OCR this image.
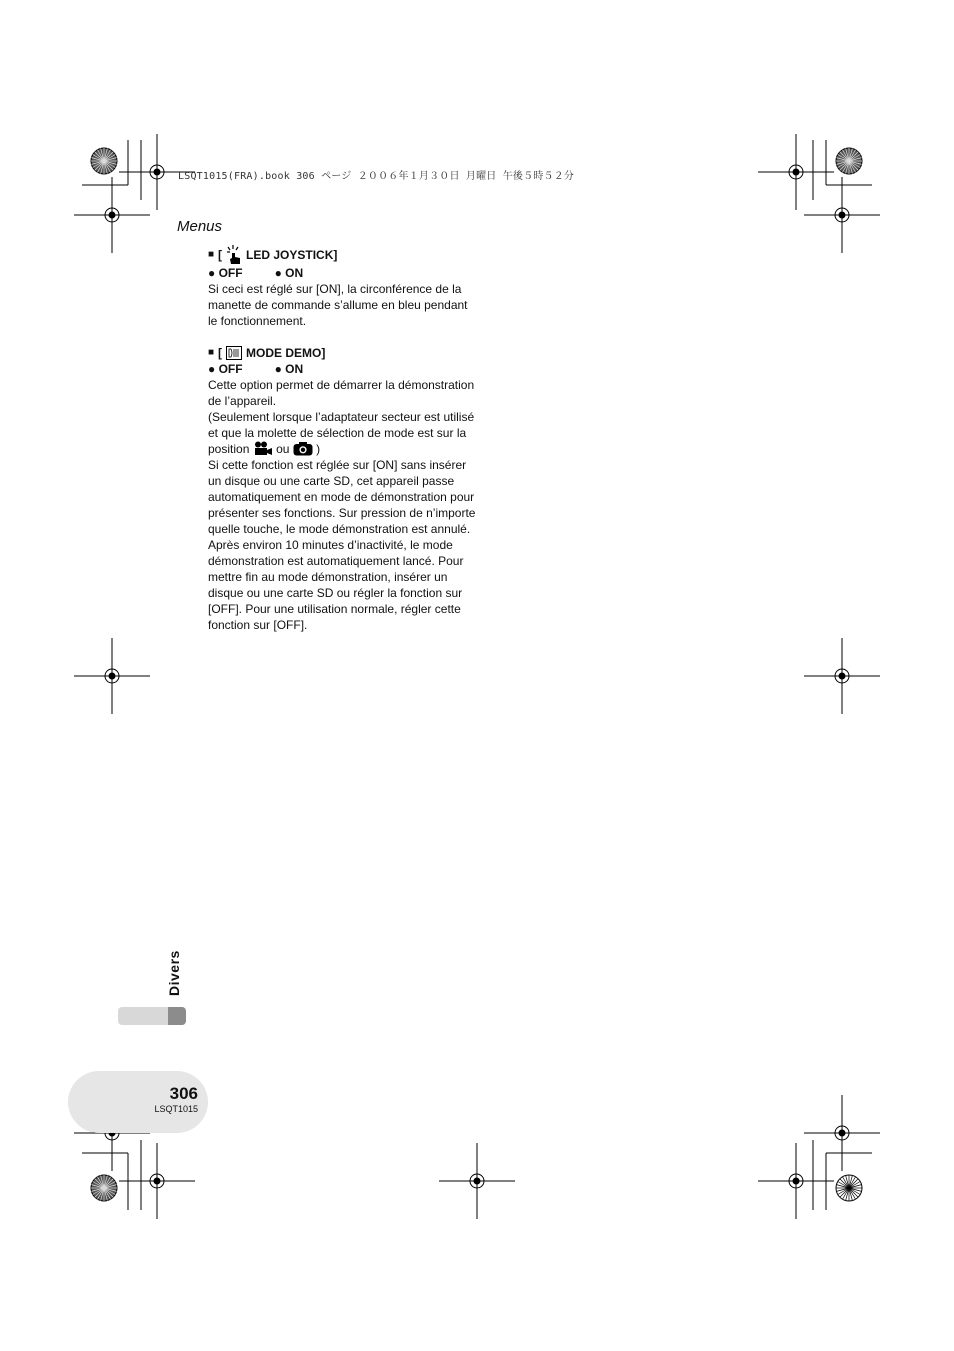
LSQT1015(FRA).book 306 ページ ２００６年１月３０日 月曜日 午後５時５２分
Menus
■ [ LED JOYSTICK]
● OFF	● ON

Si ceci est réglé sur [ON], la circonférence de la manette de commande s’allume en bleu pendant le fonctionnement.

■ [ MODE DEMO]
● OFF	● ON

Cette option permet de démarrer la démonstration de l’appareil.

(Seulement lorsque l’adaptateur secteur est utilisé et que la molette de sélection de mode est sur la position ou )

Si cette fonction est réglée sur [ON] sans insérer un disque ou une carte SD, cet appareil passe automatiquement en mode de démonstration pour présenter ses fonctions. Sur pression de n’importe quelle touche, le mode démonstration est annulé. Après environ 10 minutes d’inactivité, le mode démonstration est automatiquement lancé. Pour mettre fin au mode démonstration, insérer un disque ou une carte SD ou régler la fonction sur [OFF]. Pour une utilisation normale, régler cette fonction sur [OFF].

Divers
306
LSQT1015
